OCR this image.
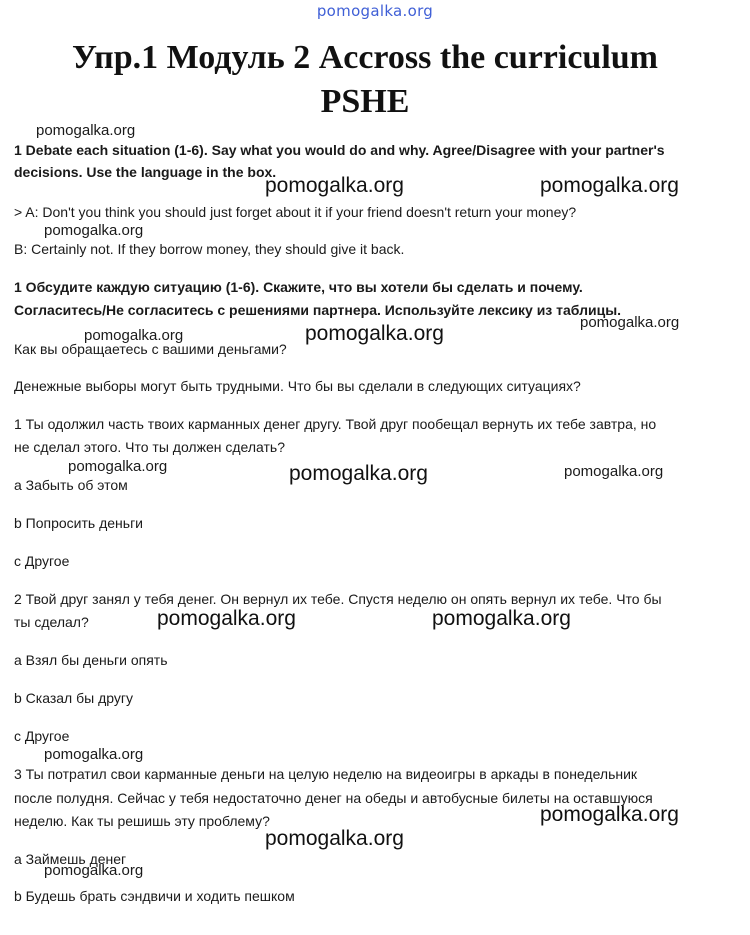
pomogalka.org
Упр.1 Модуль 2 Accross the curriculum
PSHE
pomogalka.org
pomogalka.org	pomogalka.org
pomogalka.org
pomogalka.org
pomogalka.org	pomogalka.org
pomogalka.org	pomogalka.org	pomogalka.org
pomogalka.org	pomogalka.org
pomogalka.org
pomogalka.org
pomogalka.org
pomogalka.org
1 Debate each situation (1-6). Say what you would do and why. Agree/Disagree with your partner's
decisions. Use the language in the box.
> A: Don't you think you should just forget about it if your friend doesn't return your money?
B: Certainly not. If they borrow money, they should give it back.
1 Обсудите каждую ситуацию (1-6). Скажите, что вы хотели бы сделать и почему.
Согласитесь/Не согласитесь с решениями партнера. Используйте лексику из таблицы.
Как вы обращаетесь с вашими деньгами?
Денежные выборы могут быть трудными. Что бы вы сделали в следующих ситуациях?
1 Ты одолжил часть твоих карманных денег другу. Твой друг пообещал вернуть их тебе завтра, но
не сделал этого. Что ты должен сделать?
a Забыть об этом
b Попросить деньги
c Другое
2 Твой друг занял у тебя денег. Он вернул их тебе. Спустя неделю он опять вернул их тебе. Что бы
ты сделал?
a Взял бы деньги опять
b Сказал бы другу
c Другое
3 Ты потратил свои карманные деньги на целую неделю на видеоигры в аркады в понедельник
после полудня. Сейчас у тебя недостаточно денег на обеды и автобусные билеты на оставшуюся
неделю. Как ты решишь эту проблему?
a Займешь денег
b Будешь брать сэндвичи и ходить пешком
